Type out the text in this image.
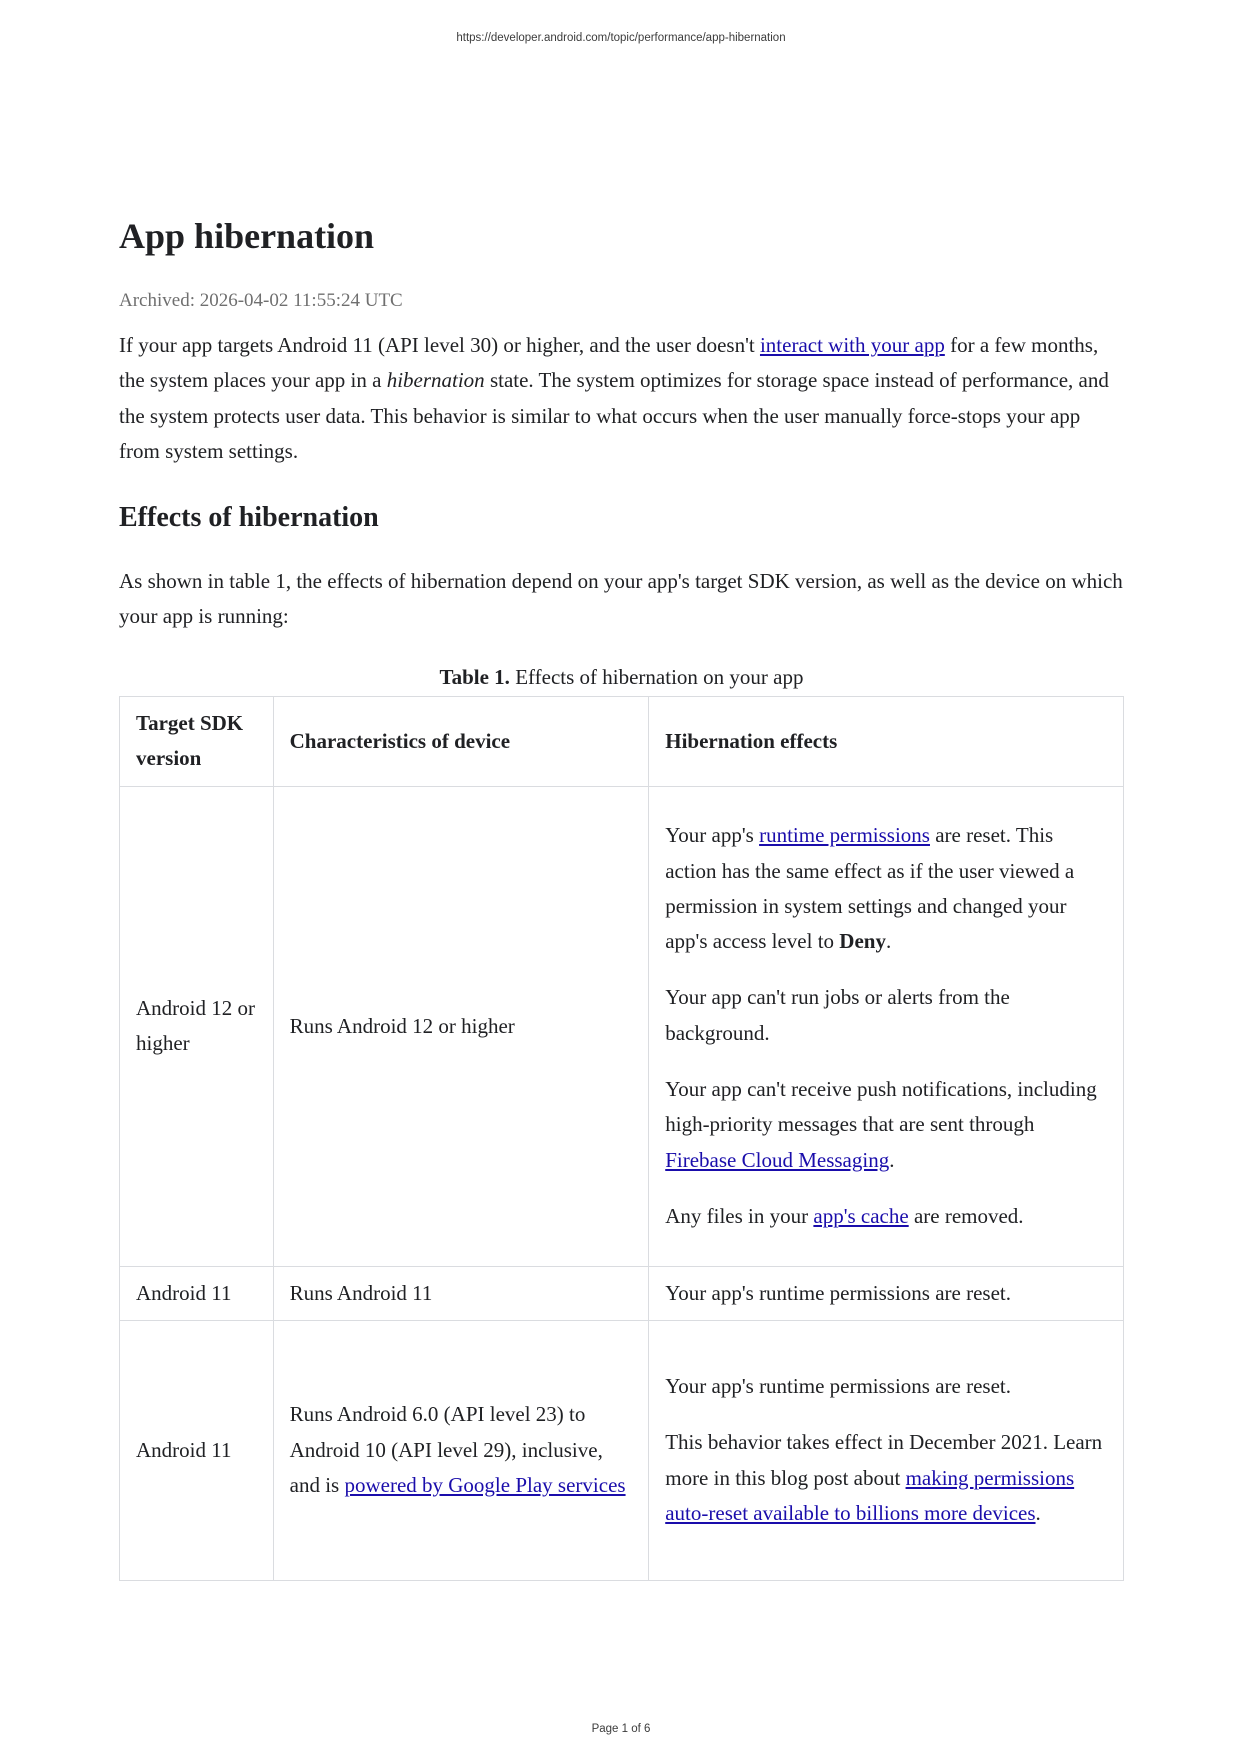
https://developer.android.com/topic/performance/app-hibernation
App hibernation
Archived: 2026-04-02 11:55:24 UTC

If your app targets Android 11 (API level 30) or higher, and the user doesn't interact with your app for a few months, the system places your app in a hibernation state. The system optimizes for storage space instead of performance, and the system protects user data. This behavior is similar to what occurs when the user manually force-stops your app from system settings.

Effects of hibernation

As shown in table 1, the effects of hibernation depend on your app's target SDK version, as well as the device on which your app is running:

Table 1. Effects of hibernation on your app
Target SDK version	Characteristics of device	Hibernation effects
Android 12 or higher	Runs Android 12 or higher	Your app's runtime permissions are reset. This action has the same effect as if the user viewed a permission in system settings and changed your app's access level to Deny.
Your app can't run jobs or alerts from the background.
Your app can't receive push notifications, including high-priority messages that are sent through Firebase Cloud Messaging.
Any files in your app's cache are removed.

Android 11	Runs Android 11	Your app's runtime permissions are reset.
Android 11	Runs Android 6.0 (API level 23) to Android 10 (API level 29), inclusive, and is powered by Google Play services	Your app's runtime permissions are reset.
This behavior takes effect in December 2021. Learn more in this blog post about making permissions auto-reset available to billions more devices.
Page 1 of 6
